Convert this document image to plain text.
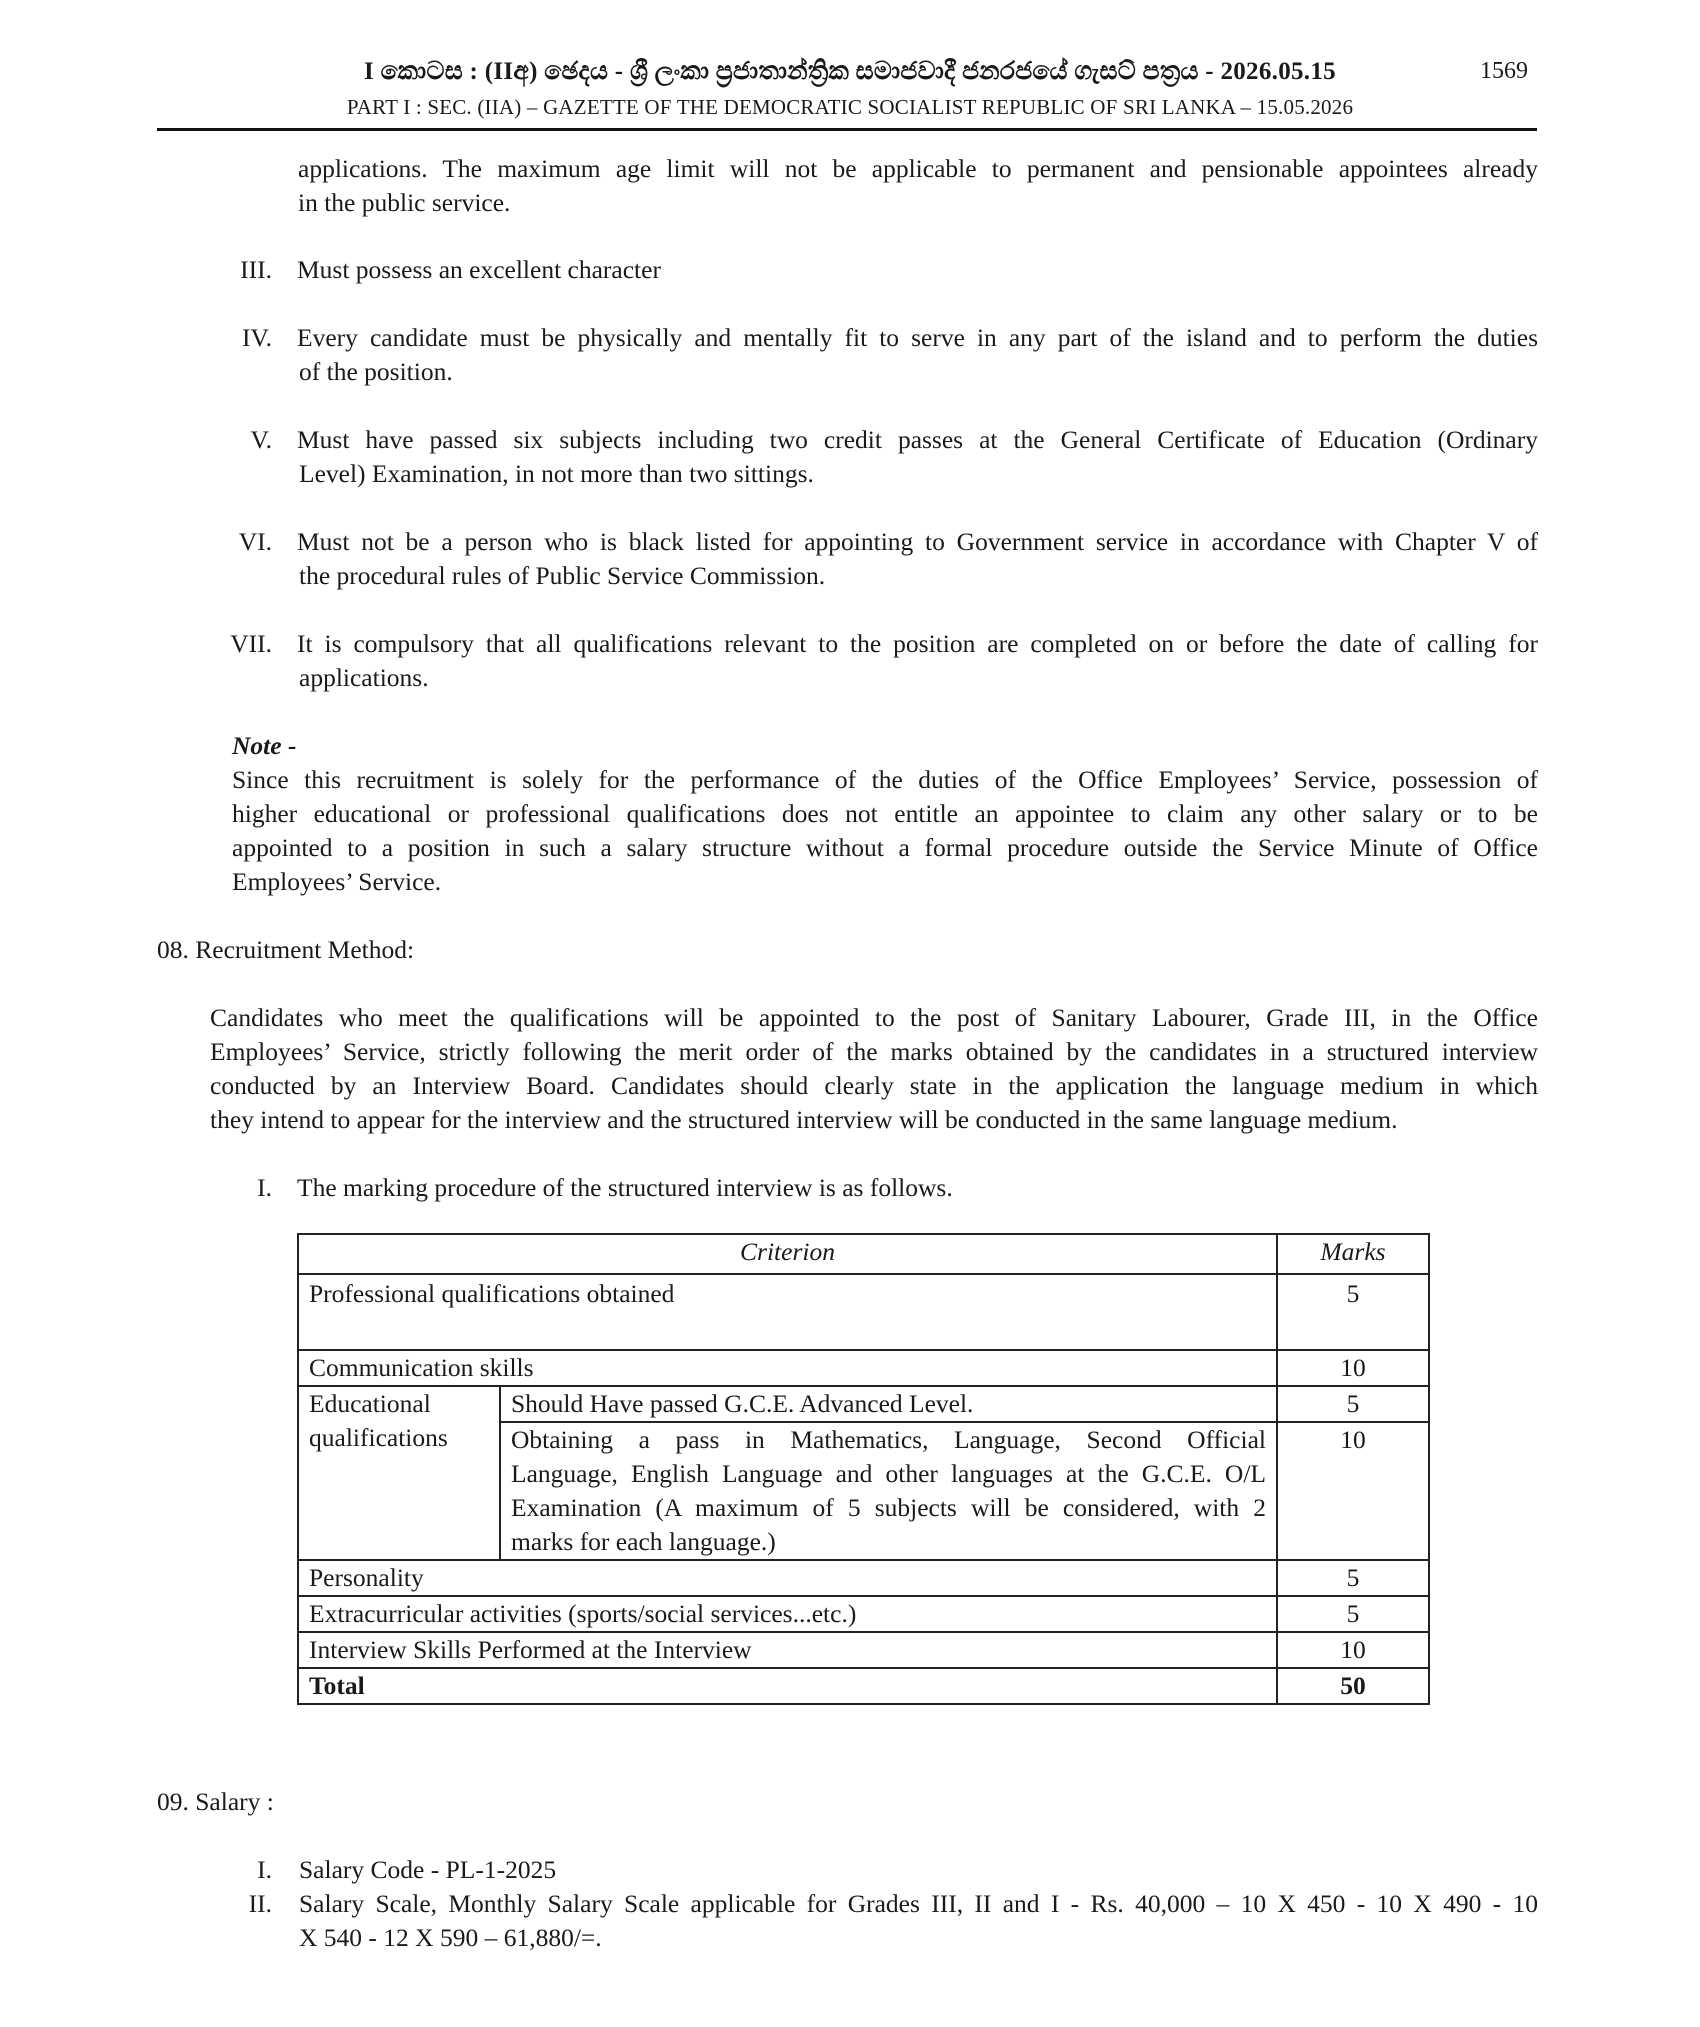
I කොටස : (IIඅ) ඡෙදය - ශ්‍රී ලංකා ප්‍රජාතාන්ත්‍රික සමාජවාදී ජනරජයේ ගැසට් පත්‍රය - 2026.05.15	1569
PART I : SEC. (IIA) – GAZETTE OF THE DEMOCRATIC SOCIALIST REPUBLIC OF SRI LANKA – 15.05.2026
applications. The maximum age limit will not be applicable to permanent and pensionable appointees already
in the public service.
III. Must possess an excellent character
IV. Every candidate must be physically and mentally fit to serve in any part of the island and to perform the duties
of the position.
V. Must have passed six subjects including two credit passes at the General Certificate of Education (Ordinary
Level) Examination, in not more than two sittings.
VI. Must not be a person who is black listed for appointing to Government service in accordance with Chapter V of
the procedural rules of Public Service Commission.
VII. It is compulsory that all qualifications relevant to the position are completed on or before the date of calling for
applications.
Note -
Since this recruitment is solely for the performance of the duties of the Office Employees’ Service, possession of
higher educational or professional qualifications does not entitle an appointee to claim any other salary or to be
appointed to a position in such a salary structure without a formal procedure outside the Service Minute of Office
Employees’ Service.
08. Recruitment Method:
Candidates who meet the qualifications will be appointed to the post of Sanitary Labourer, Grade III, in the Office
Employees’ Service, strictly following the merit order of the marks obtained by the candidates in a structured interview
conducted by an Interview Board. Candidates should clearly state in the application the language medium in which
they intend to appear for the interview and the structured interview will be conducted in the same language medium.
I. The marking procedure of the structured interview is as follows.
Criterion		Marks
Professional qualifications obtained		5
Communication skills		10
Educational qualifications	Should Have passed G.C.E. Advanced Level.	5

	Obtaining a pass in Mathematics, Language, Second Official
Language, English Language and other languages at the G.C.E. O/L
Examination (A maximum of 5 subjects will be considered, with 2
marks for each language.)	10
Personality		5
Extracurricular activities (sports/social services...etc.)		5
Interview Skills Performed at the Interview		10
Total		50
09. Salary :
I. Salary Code - PL-1-2025
II. Salary Scale, Monthly Salary Scale applicable for Grades III, II and I - Rs. 40,000 – 10 X 450 - 10 X 490 - 10
X 540 - 12 X 590 – 61,880/=.
